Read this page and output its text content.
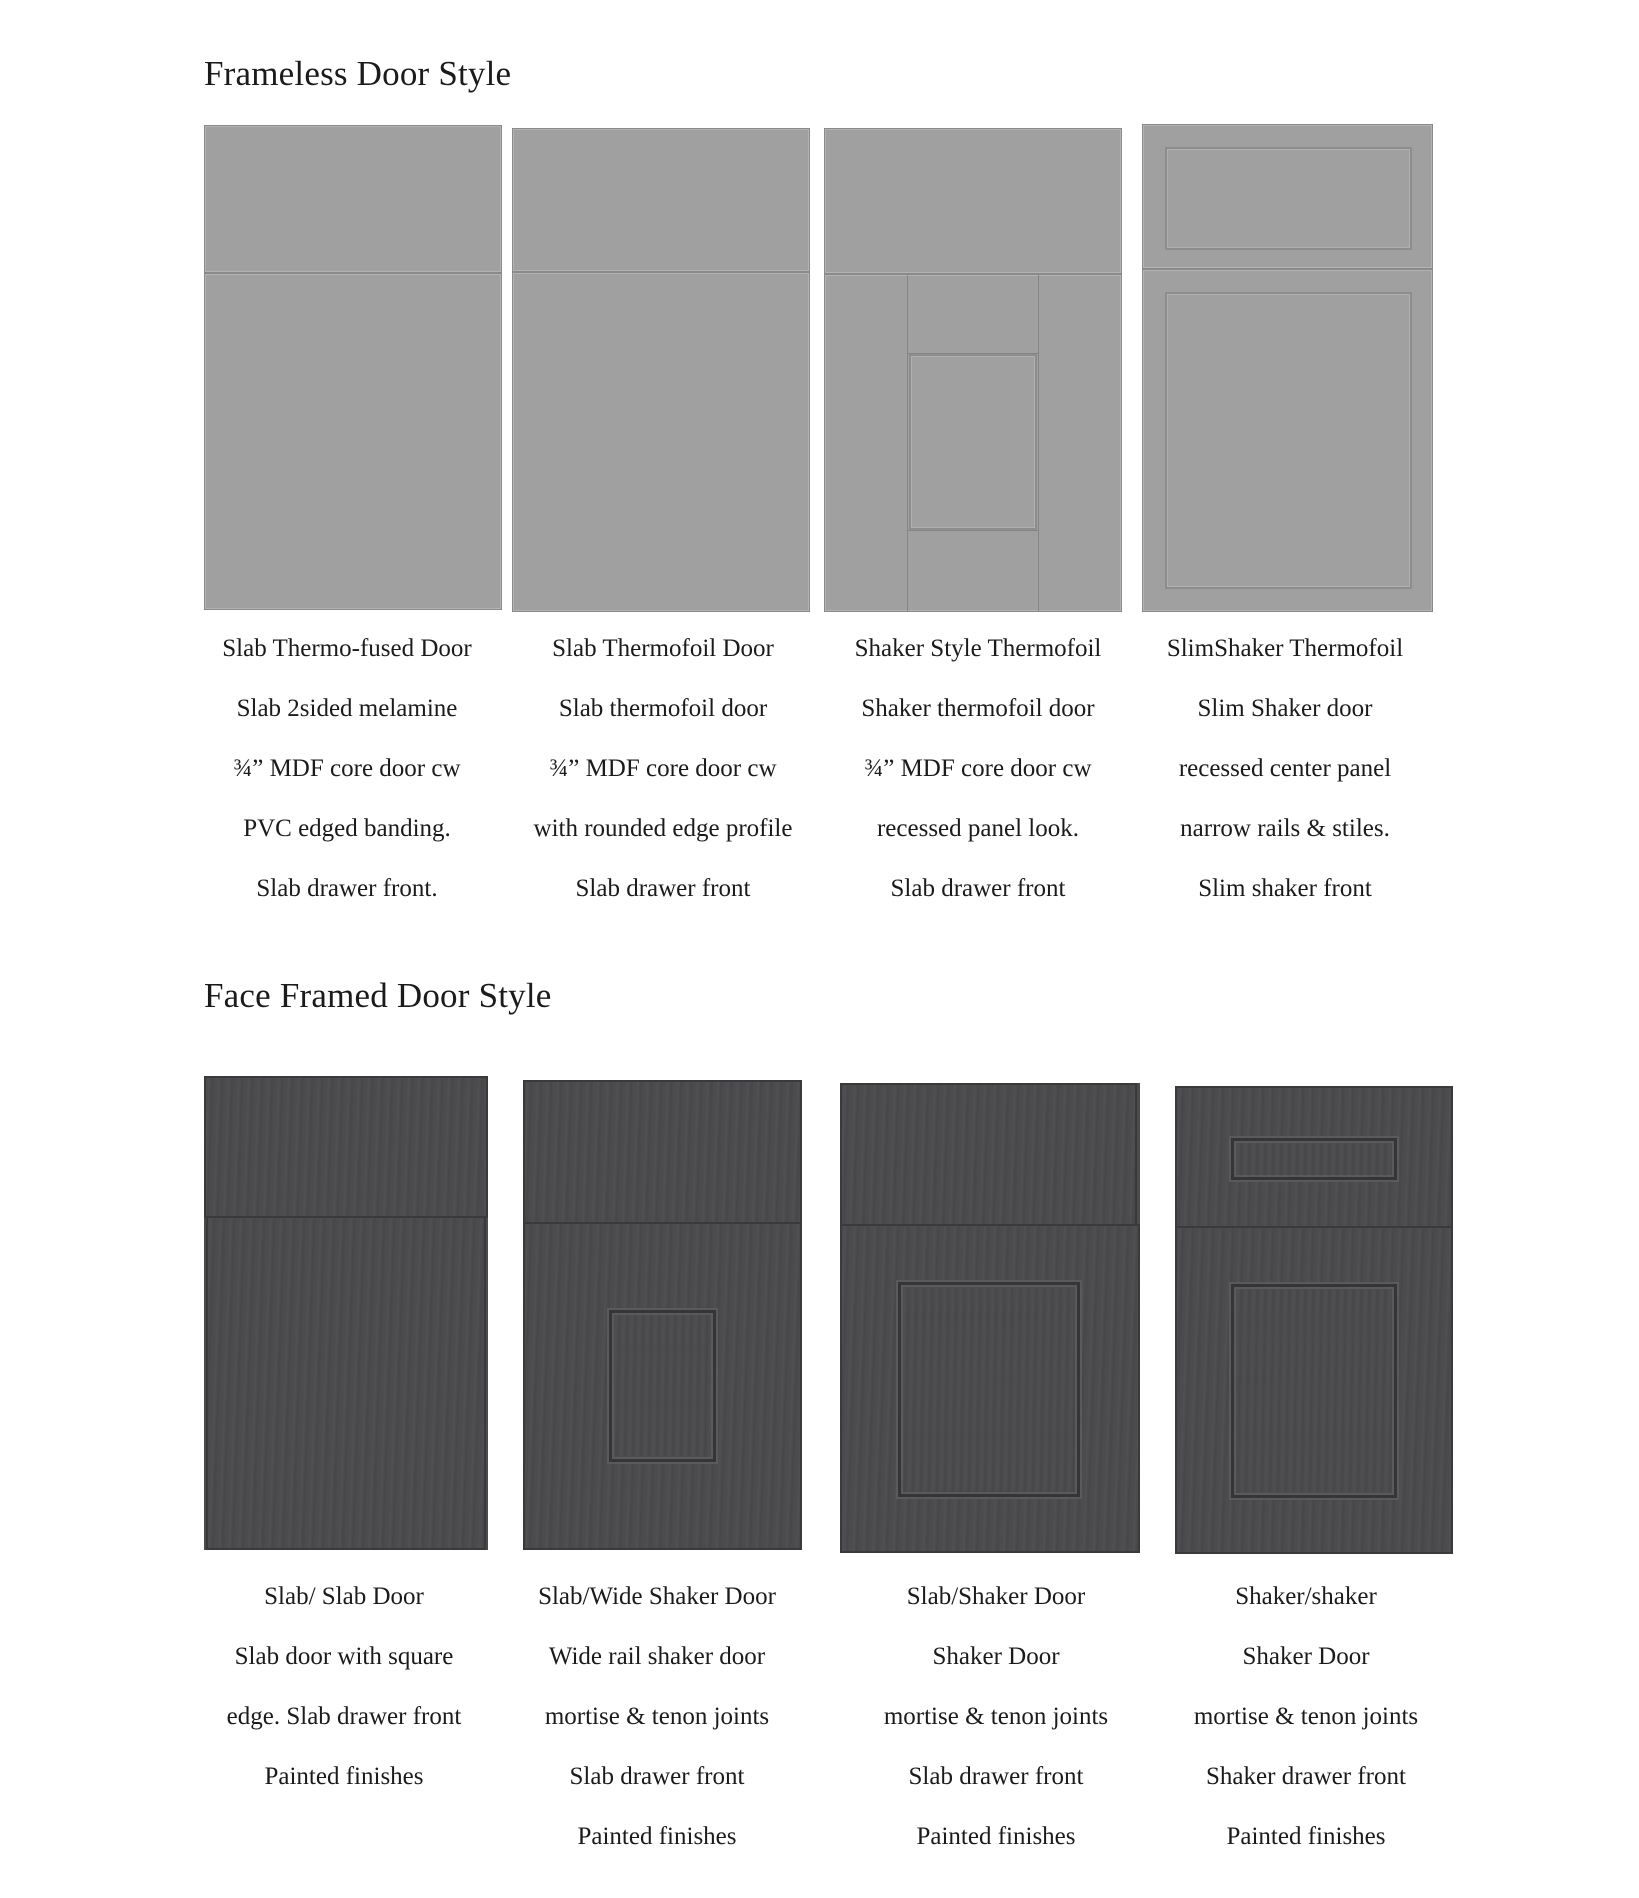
Frameless Door Style
Slab Thermo-fused Door
Slab 2sided melamine
¾” MDF core door cw
PVC edged banding.
Slab drawer front.
Slab Thermofoil Door
Slab thermofoil door
¾” MDF core door cw
with rounded edge profile
Slab drawer front
Shaker Style Thermofoil
Shaker thermofoil door
¾” MDF core door cw
recessed panel look.
Slab drawer front
SlimShaker Thermofoil
Slim Shaker door
recessed center panel
narrow rails & stiles.
Slim shaker front
Face Framed Door Style
Slab/ Slab Door
Slab door with square
edge. Slab drawer front
Painted finishes
Slab/Wide Shaker Door
Wide rail shaker door
mortise & tenon joints
Slab drawer front
Painted finishes
Slab/Shaker Door
Shaker Door
mortise & tenon joints
Slab drawer front
Painted finishes
Shaker/shaker
Shaker Door
mortise & tenon joints
Shaker drawer front
Painted finishes
